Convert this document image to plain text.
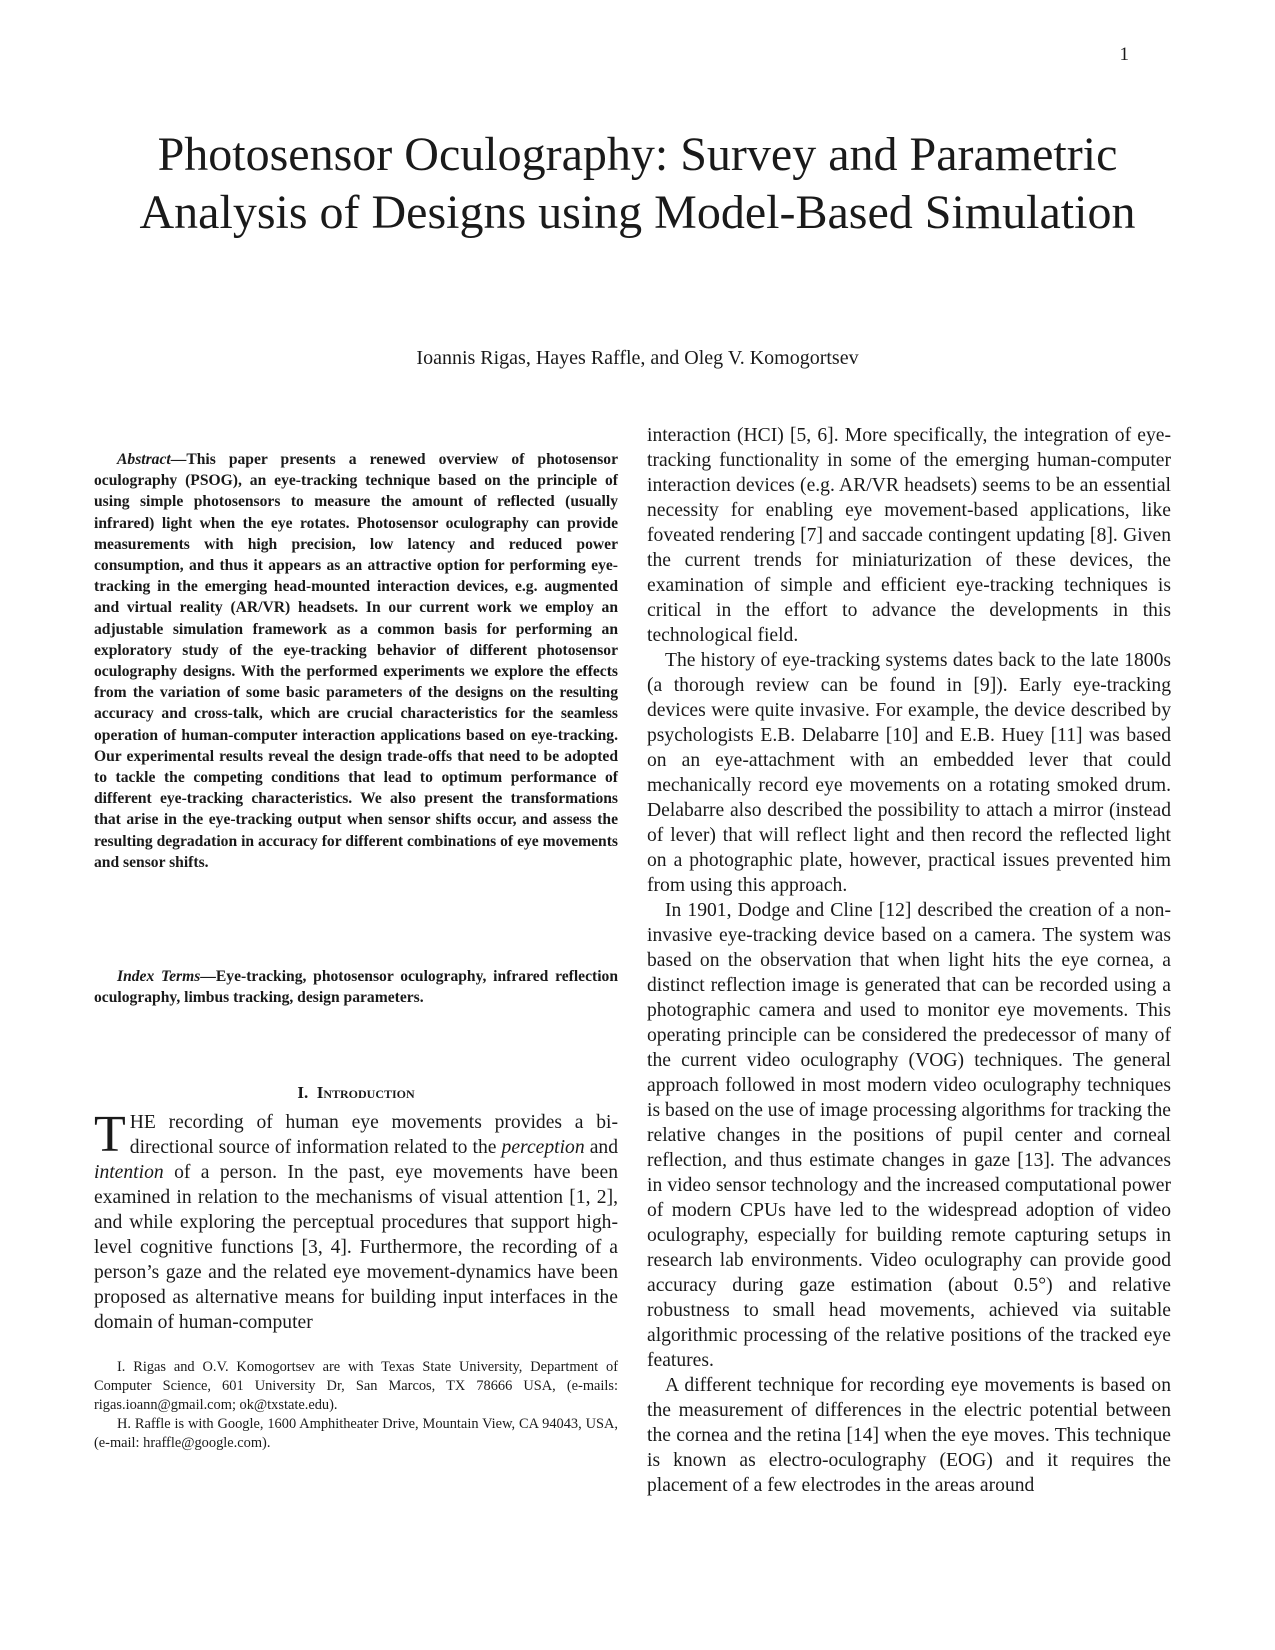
1
Photosensor Oculography: Survey and Parametric Analysis of Designs using Model-Based Simulation
Ioannis Rigas, Hayes Raffle, and Oleg V. Komogortsev

Abstract—This paper presents a renewed overview of photosensor oculography (PSOG), an eye-tracking technique based on the principle of using simple photosensors to measure the amount of reflected (usually infrared) light when the eye rotates. Photosensor oculography can provide measurements with high precision, low latency and reduced power consumption, and thus it appears as an attractive option for performing eye-tracking in the emerging head-mounted interaction devices, e.g. augmented and virtual reality (AR/VR) headsets. In our current work we employ an adjustable simulation framework as a common basis for performing an exploratory study of the eye-tracking behavior of different photosensor oculography designs. With the performed experiments we explore the effects from the variation of some basic parameters of the designs on the resulting accuracy and cross-talk, which are crucial characteristics for the seamless operation of human-computer interaction applications based on eye-tracking. Our experimental results reveal the design trade-offs that need to be adopted to tackle the competing conditions that lead to optimum performance of different eye-tracking characteristics. We also present the transformations that arise in the eye-tracking output when sensor shifts occur, and assess the resulting degradation in accuracy for different combinations of eye movements and sensor shifts.

Index Terms—Eye-tracking, photosensor oculography, infrared reflection oculography, limbus tracking, design parameters.

I. Introduction

THE recording of human eye movements provides a bi-directional source of information related to the perception and intention of a person. In the past, eye movements have been examined in relation to the mechanisms of visual attention [1, 2], and while exploring the perceptual procedures that support high-level cognitive functions [3, 4]. Furthermore, the recording of a person’s gaze and the related eye movement-dynamics have been proposed as alternative means for building input interfaces in the domain of human-computer

I. Rigas and O.V. Komogortsev are with Texas State University, Department of Computer Science, 601 University Dr, San Marcos, TX 78666 USA, (e-mails: rigas.ioann@gmail.com; ok@txstate.edu).

H. Raffle is with Google, 1600 Amphitheater Drive, Mountain View, CA 94043, USA, (e-mail: hraffle@google.com).

interaction (HCI) [5, 6]. More specifically, the integration of eye-tracking functionality in some of the emerging human-computer interaction devices (e.g. AR/VR headsets) seems to be an essential necessity for enabling eye movement-based applications, like foveated rendering [7] and saccade contingent updating [8]. Given the current trends for miniaturization of these devices, the examination of simple and efficient eye-tracking techniques is critical in the effort to advance the developments in this technological field.

The history of eye-tracking systems dates back to the late 1800s (a thorough review can be found in [9]). Early eye-tracking devices were quite invasive. For example, the device described by psychologists E.B. Delabarre [10] and E.B. Huey [11] was based on an eye-attachment with an embedded lever that could mechanically record eye movements on a rotating smoked drum. Delabarre also described the possibility to attach a mirror (instead of lever) that will reflect light and then record the reflected light on a photographic plate, however, practical issues prevented him from using this approach.

In 1901, Dodge and Cline [12] described the creation of a non-invasive eye-tracking device based on a camera. The system was based on the observation that when light hits the eye cornea, a distinct reflection image is generated that can be recorded using a photographic camera and used to monitor eye movements. This operating principle can be considered the predecessor of many of the current video oculography (VOG) techniques. The general approach followed in most modern video oculography techniques is based on the use of image processing algorithms for tracking the relative changes in the positions of pupil center and corneal reflection, and thus estimate changes in gaze [13]. The advances in video sensor technology and the increased computational power of modern CPUs have led to the widespread adoption of video oculography, especially for building remote capturing setups in research lab environments. Video oculography can provide good accuracy during gaze estimation (about 0.5°) and relative robustness to small head movements, achieved via suitable algorithmic processing of the relative positions of the tracked eye features.

A different technique for recording eye movements is based on the measurement of differences in the electric potential between the cornea and the retina [14] when the eye moves. This technique is known as electro-oculography (EOG) and it requires the placement of a few electrodes in the areas around
